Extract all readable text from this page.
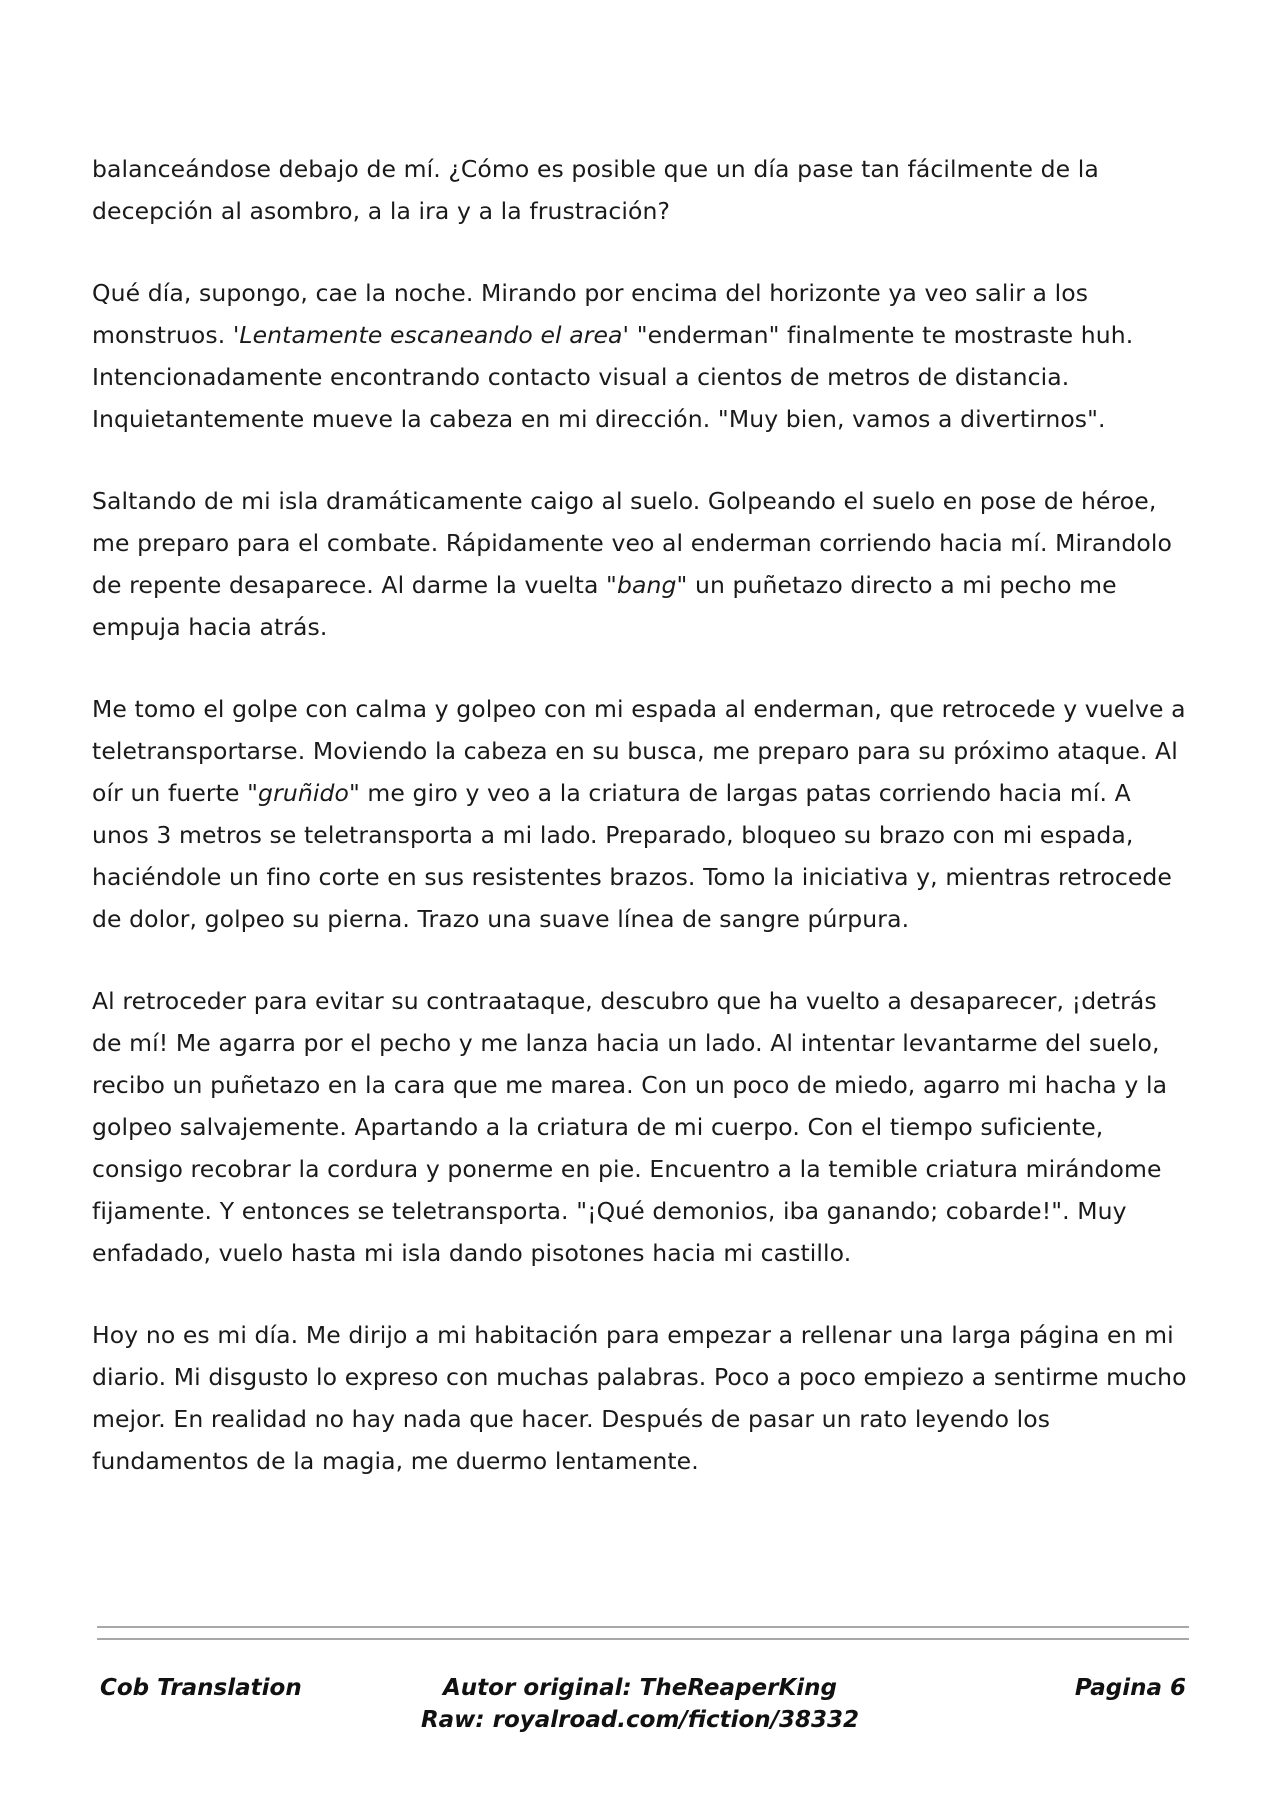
balanceándose debajo de mí. ¿Cómo es posible que un día pase tan fácilmente de la decepción al asombro, a la ira y a la frustración?

Qué día, supongo, cae la noche. Mirando por encima del horizonte ya veo salir a los monstruos. 'Lentamente escaneando el area' "enderman" finalmente te mostraste huh. Intencionadamente encontrando contacto visual a cientos de metros de distancia. Inquietantemente mueve la cabeza en mi dirección. "Muy bien, vamos a divertirnos".

Saltando de mi isla dramáticamente caigo al suelo. Golpeando el suelo en pose de héroe, me preparo para el combate. Rápidamente veo al enderman corriendo hacia mí. Mirandolo de repente desaparece. Al darme la vuelta "bang" un puñetazo directo a mi pecho me empuja hacia atrás.

Me tomo el golpe con calma y golpeo con mi espada al enderman, que retrocede y vuelve a teletransportarse. Moviendo la cabeza en su busca, me preparo para su próximo ataque. Al oír un fuerte "gruñido" me giro y veo a la criatura de largas patas corriendo hacia mí. A unos 3 metros se teletransporta a mi lado. Preparado, bloqueo su brazo con mi espada, haciéndole un fino corte en sus resistentes brazos. Tomo la iniciativa y, mientras retrocede de dolor, golpeo su pierna. Trazo una suave línea de sangre púrpura.

Al retroceder para evitar su contraataque, descubro que ha vuelto a desaparecer, ¡detrás de mí! Me agarra por el pecho y me lanza hacia un lado. Al intentar levantarme del suelo, recibo un puñetazo en la cara que me marea. Con un poco de miedo, agarro mi hacha y la golpeo salvajemente. Apartando a la criatura de mi cuerpo. Con el tiempo suficiente, consigo recobrar la cordura y ponerme en pie. Encuentro a la temible criatura mirándome fijamente. Y entonces se teletransporta. "¡Qué demonios, iba ganando; cobarde!". Muy enfadado, vuelo hasta mi isla dando pisotones hacia mi castillo.

Hoy no es mi día. Me dirijo a mi habitación para empezar a rellenar una larga página en mi diario. Mi disgusto lo expreso con muchas palabras. Poco a poco empiezo a sentirme mucho mejor. En realidad no hay nada que hacer. Después de pasar un rato leyendo los fundamentos de la magia, me duermo lentamente.

Cob Translation	Autor original: TheReaperKing
Raw: royalroad.com/fiction/38332
Pagina 6
